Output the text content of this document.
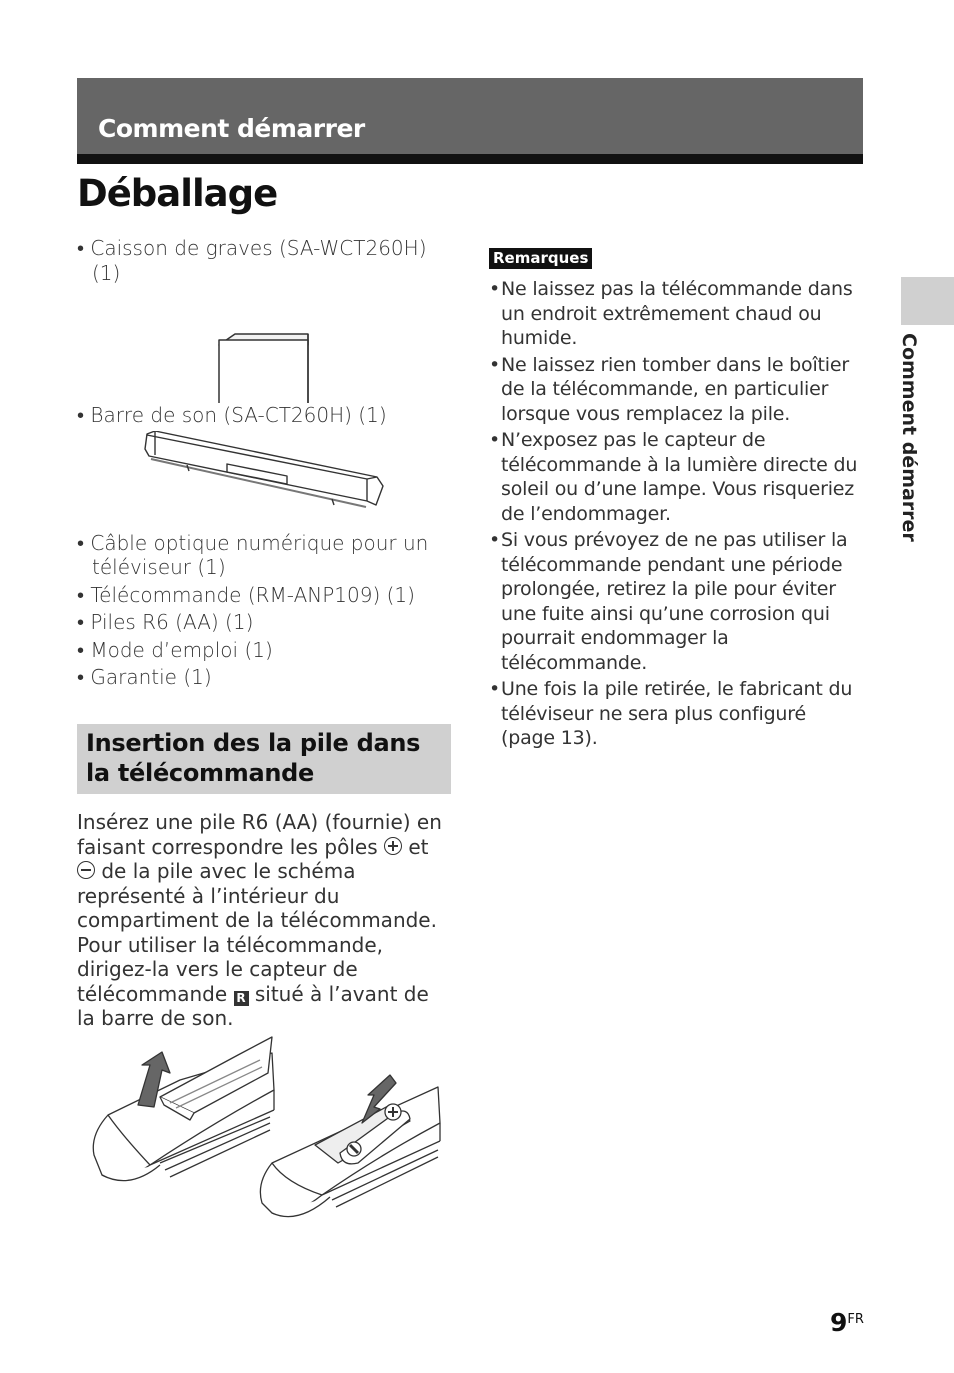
Comment démarrer
Déballage
Comment démarrer

• Caisson de graves (SA-WCT260H) (1)

• Barre de son (SA-CT260H) (1)

• Câble optique numérique pour un téléviseur (1)

• Télécommande (RM-ANP109) (1)

• Piles R6 (AA) (1)

• Mode d’emploi (1)

• Garantie (1)

Insertion des la pile dans la télécommande

Insérez une pile R6 (AA) (fournie) en faisant correspondre les pôles et  de la pile avec le schéma représenté à l’intérieur du compartiment de la télécommande. Pour utiliser la télécommande, dirigez-la vers le capteur de télécommande R situé à l’avant de la barre de son.

Remarques

• Ne laissez pas la télécommande dans un endroit extrêmement chaud ou humide.

• Ne laissez rien tomber dans le boîtier de la télécommande, en particulier lorsque vous remplacez la pile.

• N’exposez pas le capteur de télécommande à la lumière directe du soleil ou d’une lampe. Vous risqueriez de l’endommager.

• Si vous prévoyez de ne pas utiliser la télécommande pendant une période prolongée, retirez la pile pour éviter une fuite ainsi qu’une corrosion qui pourrait endommager la télécommande.

• Une fois la pile retirée, le fabricant du téléviseur ne sera plus configuré (page 13).

$9^{FR}$
